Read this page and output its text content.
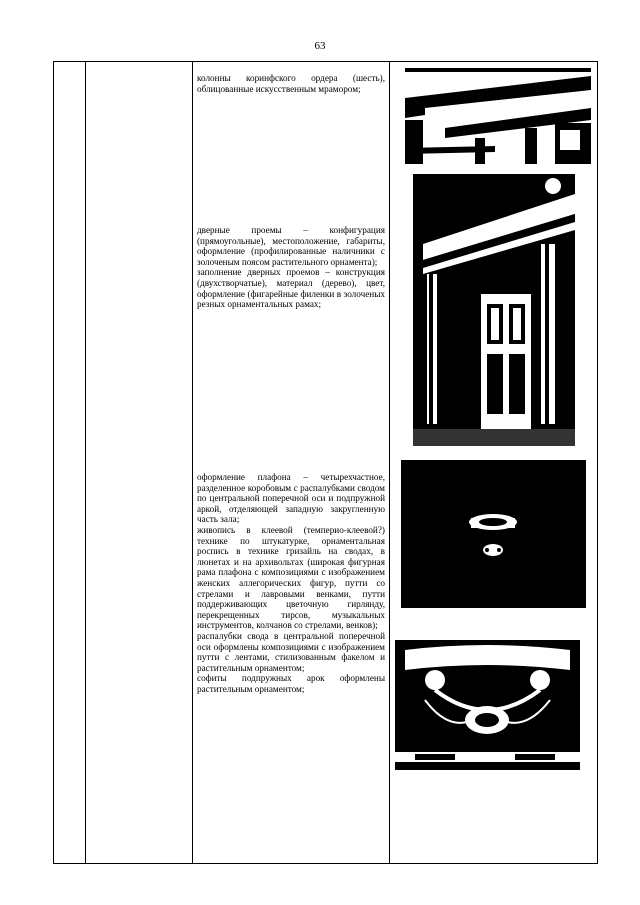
63

колонны коринфского ордера (шесть), облицованные искусственным мрамором;

дверные проемы – конфигурация (прямоугольные), местоположение, габариты, оформление (профилированные наличники с золоченым поясом растительного орнамента);

заполнение дверных проемов – конструкция (двухстворчатые), материал (дерево), цвет, оформление (фигарейные филенки в золоченых резных орнаментальных рамах;

оформление плафона – четырехчастное, разделенное коробовым с распалубками сводом по центральной поперечной оси и подпружной аркой, отделяющей западную закругленную часть зала;

живопись в клеевой (темперио-клеевой?) технике по штукатурке, орнаментальная роспись в технике гризайль на сводах, в люнетах и на архивольтах (широкая фигурная рама плафона с композициями с изображением женских аллегорических фигур, путти со стрелами и лавровыми венками, путти поддерживающих цветочную гирлянду, перекрещенных тирсов, музыкальных инструментов, колчанов со стрелами, венков);

распалубки свода в центральной поперечной оси оформлены композициями с изображением путти с лентами, стилизованным факелом и растительным орнаментом;

софиты подпружных арок оформлены растительным орнаментом;
